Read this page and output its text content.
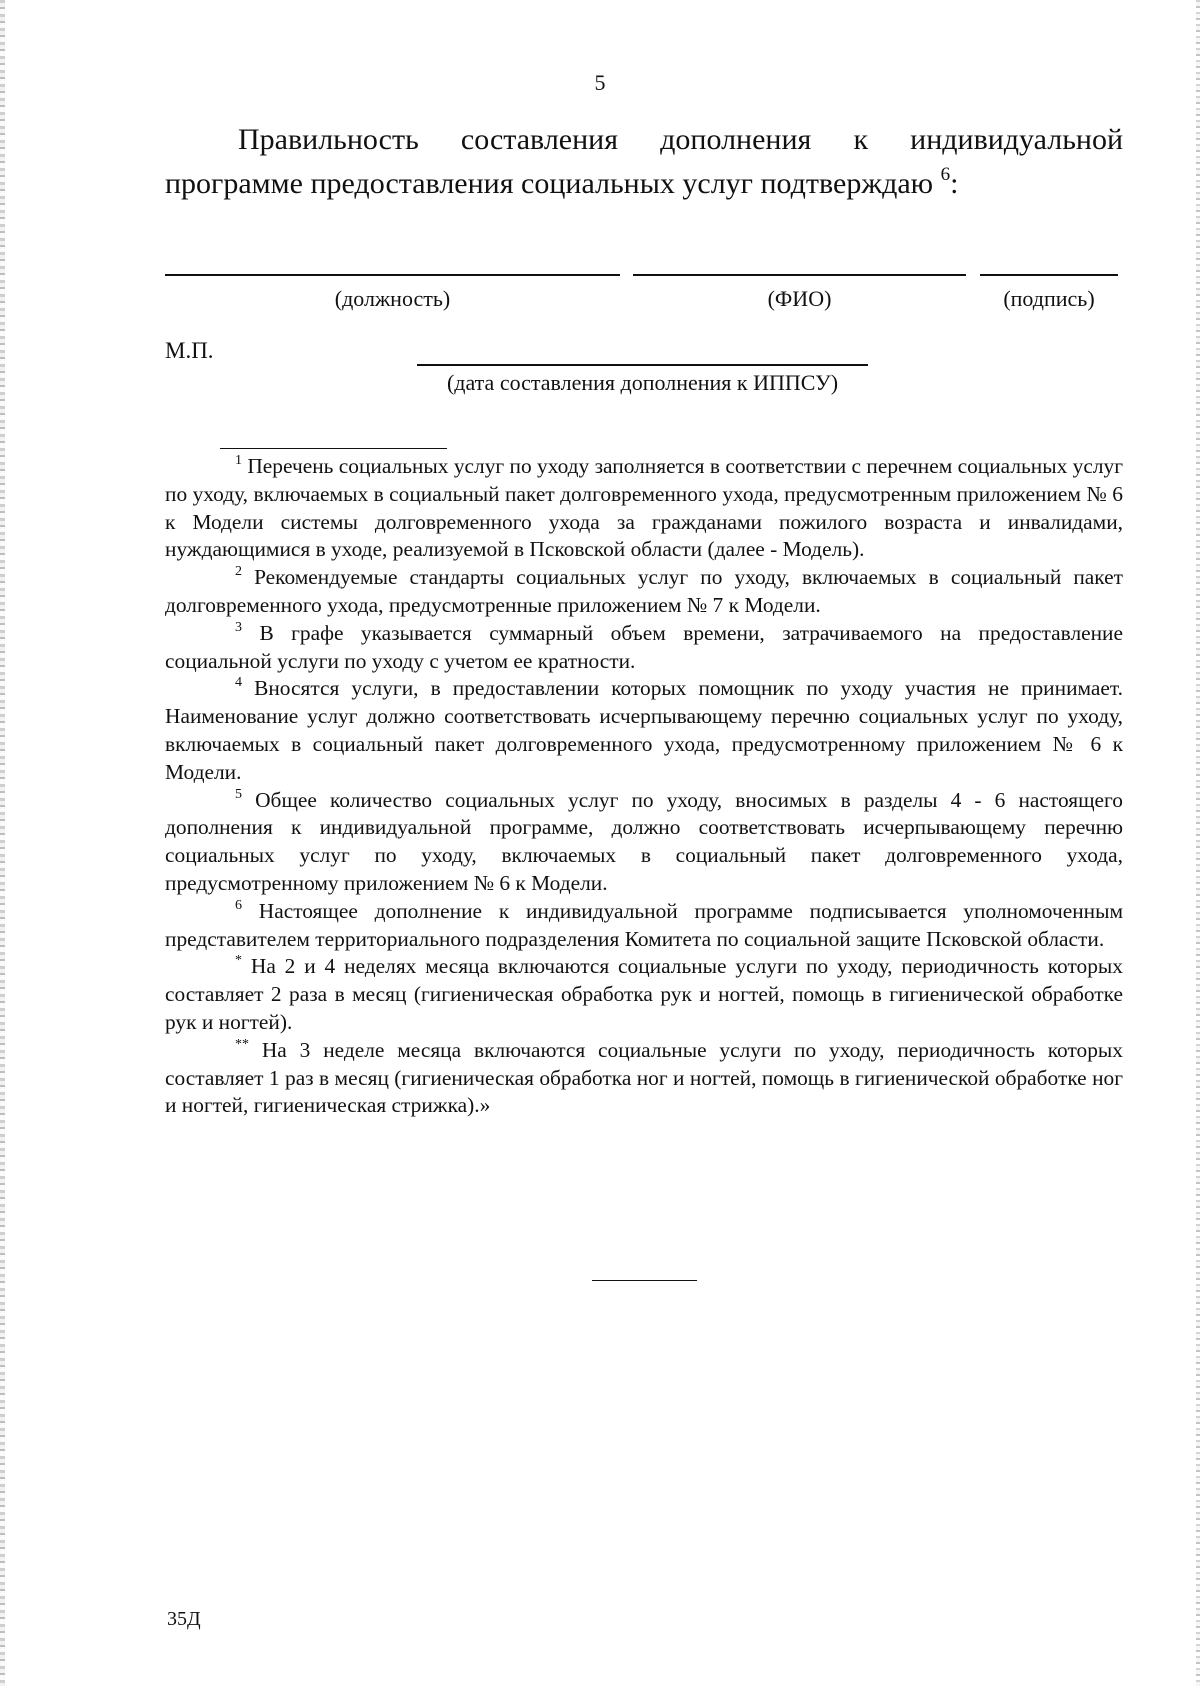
5
Правильность составления дополнения к индивидуальной
программе предоставления социальных услуг подтверждаю $^6$:
(должность)	(ФИО)	(подпись)
М.П.
(дата составления дополнения к ИППСУ)

$^1$ Перечень социальных услуг по уходу заполняется в соответствии с перечнем социальных услуг по уходу, включаемых в социальный пакет долговременного ухода, предусмотренным приложением № 6 к Модели системы долговременного ухода за гражданами пожилого возраста и инвалидами, нуждающимися в уходе, реализуемой в Псковской области (далее - Модель).

$^2$ Рекомендуемые стандарты социальных услуг по уходу, включаемых в социальный пакет долговременного ухода, предусмотренные приложением № 7 к Модели.

$^3$ В графе указывается суммарный объем времени, затрачиваемого на предоставление социальной услуги по уходу с учетом ее кратности.

$^4$ Вносятся услуги, в предоставлении которых помощник по уходу участия не принимает. Наименование услуг должно соответствовать исчерпывающему перечню социальных услуг по уходу, включаемых в социальный пакет долговременного ухода, предусмотренному приложением № 6 к Модели.

$^5$ Общее количество социальных услуг по уходу, вносимых в разделы 4 - 6 настоящего дополнения к индивидуальной программе, должно соответствовать исчерпывающему перечню социальных услуг по уходу, включаемых в социальный пакет долговременного ухода, предусмотренному приложением № 6 к Модели.

$^6$ Настоящее дополнение к индивидуальной программе подписывается уполномоченным представителем территориального подразделения Комитета по социальной защите Псковской области.

* На 2 и 4 неделях месяца включаются социальные услуги по уходу, периодичность которых составляет 2 раза в месяц (гигиеническая обработка рук и ногтей, помощь в гигиенической обработке рук и ногтей).

** На 3 неделе месяца включаются социальные услуги по уходу, периодичность которых составляет 1 раз в месяц (гигиеническая обработка ног и ногтей, помощь в гигиенической обработке ног и ногтей, гигиеническая стрижка).»

35Д
